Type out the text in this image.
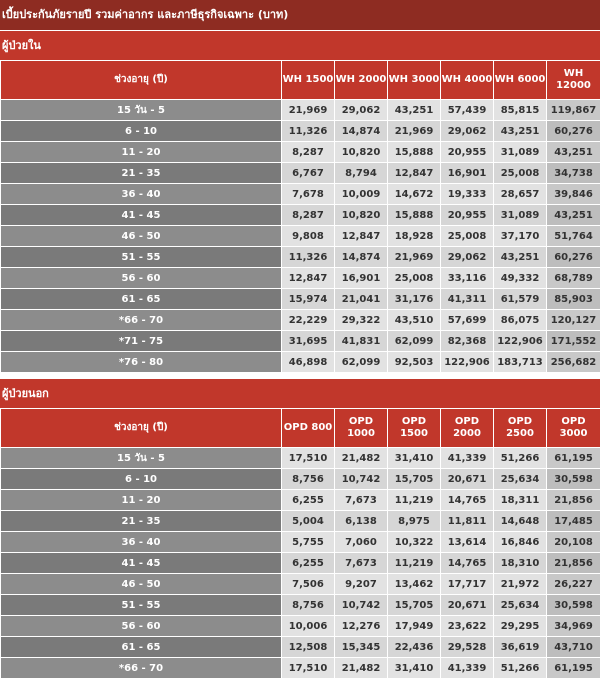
เบี้ยประกันภัยรายปี รวมค่าอากร และภาษีธุรกิจเฉพาะ (บาท)
ผู้ป่วยใน
ช่วงอายุ (ปี)	WH 1500	WH 2000	WH 3000	WH 4000	WH 6000	WH 12000
15 วัน - 5	21,969	29,062	43,251	57,439	85,815	119,867
6 - 10	11,326	14,874	21,969	29,062	43,251	60,276
11 - 20	8,287	10,820	15,888	20,955	31,089	43,251
21 - 35	6,767	8,794	12,847	16,901	25,008	34,738
36 - 40	7,678	10,009	14,672	19,333	28,657	39,846
41 - 45	8,287	10,820	15,888	20,955	31,089	43,251
46 - 50	9,808	12,847	18,928	25,008	37,170	51,764
51 - 55	11,326	14,874	21,969	29,062	43,251	60,276
56 - 60	12,847	16,901	25,008	33,116	49,332	68,789
61 - 65	15,974	21,041	31,176	41,311	61,579	85,903
*66 - 70	22,229	29,322	43,510	57,699	86,075	120,127
*71 - 75	31,695	41,831	62,099	82,368	122,906	171,552
*76 - 80	46,898	62,099	92,503	122,906	183,713	256,682
ผู้ป่วยนอก
ช่วงอายุ (ปี)	OPD 800	OPD 1000	OPD 1500	OPD 2000	OPD 2500	OPD 3000
15 วัน - 5	17,510	21,482	31,410	41,339	51,266	61,195
6 - 10	8,756	10,742	15,705	20,671	25,634	30,598
11 - 20	6,255	7,673	11,219	14,765	18,311	21,856
21 - 35	5,004	6,138	8,975	11,811	14,648	17,485
36 - 40	5,755	7,060	10,322	13,614	16,846	20,108
41 - 45	6,255	7,673	11,219	14,765	18,310	21,856
46 - 50	7,506	9,207	13,462	17,717	21,972	26,227
51 - 55	8,756	10,742	15,705	20,671	25,634	30,598
56 - 60	10,006	12,276	17,949	23,622	29,295	34,969
61 - 65	12,508	15,345	22,436	29,528	36,619	43,710
*66 - 70	17,510	21,482	31,410	41,339	51,266	61,195
